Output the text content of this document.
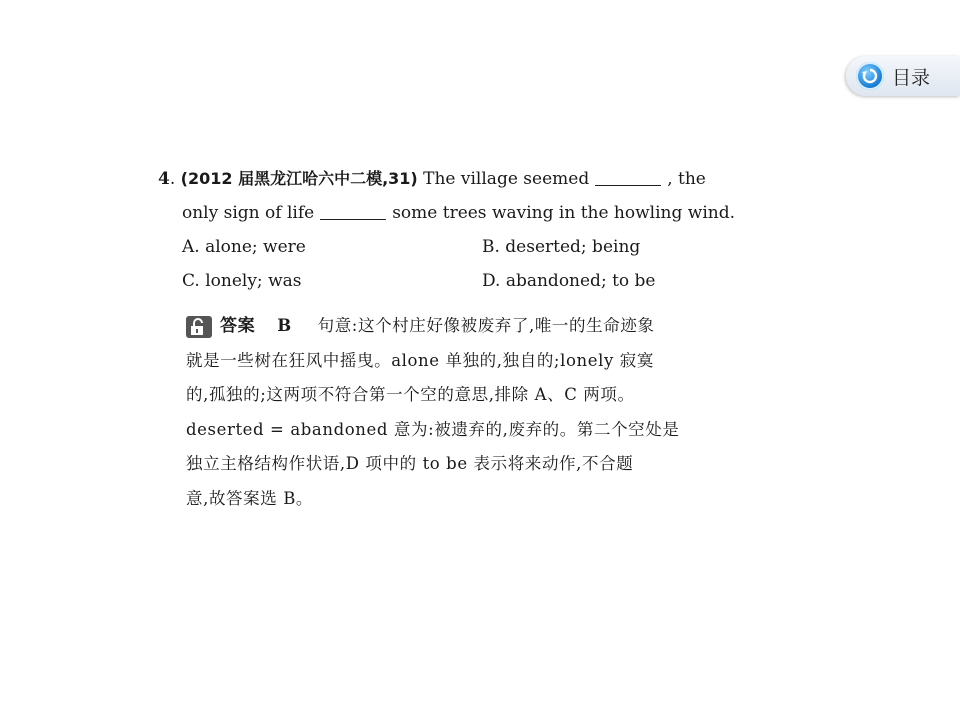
目录
4. (2012 届黑龙江哈六中二模,31) The village seemed	, the
only sign of life	some trees waving in the howling wind.
A. alone; were	B. deserted; being
C. lonely; was	D. abandoned; to be
答案 B 句意:这个村庄好像被废弃了,唯一的生命迹象
就是一些树在狂风中摇曳。alone 单独的,独自的;lonely 寂寞
的,孤独的;这两项不符合第一个空的意思,排除 A、C 两项。
deserted = abandoned 意为:被遗弃的,废弃的。第二个空处是
独立主格结构作状语,D 项中的 to be 表示将来动作,不合题
意,故答案选 B。
